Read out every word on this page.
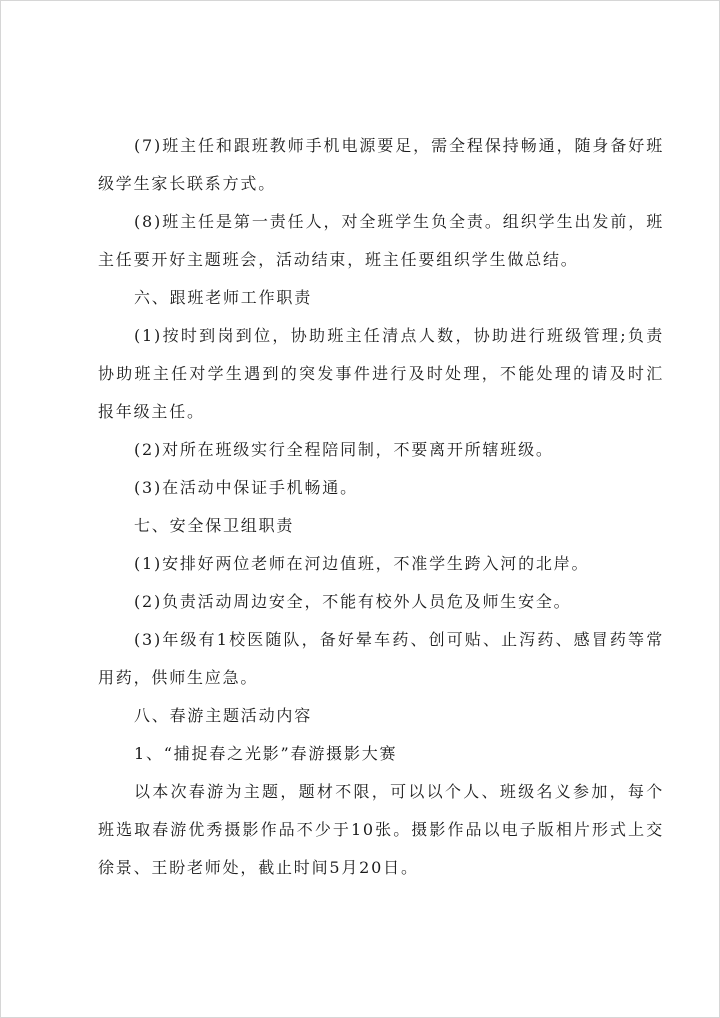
(7)班主任和跟班教师手机电源要足，需全程保持畅通，随身备好班级学生家长联系方式。

(8)班主任是第一责任人，对全班学生负全责。组织学生出发前，班主任要开好主题班会，活动结束，班主任要组织学生做总结。

六、跟班老师工作职责

(1)按时到岗到位，协助班主任清点人数，协助进行班级管理;负责协助班主任对学生遇到的突发事件进行及时处理，不能处理的请及时汇报年级主任。

(2)对所在班级实行全程陪同制，不要离开所辖班级。

(3)在活动中保证手机畅通。

七、安全保卫组职责

(1)安排好两位老师在河边值班，不准学生跨入河的北岸。

(2)负责活动周边安全，不能有校外人员危及师生安全。

(3)年级有1校医随队，备好晕车药、创可贴、止泻药、感冒药等常用药，供师生应急。

八、春游主题活动内容

1、“捕捉春之光影”春游摄影大赛

以本次春游为主题，题材不限，可以以个人、班级名义参加，每个班选取春游优秀摄影作品不少于10张。摄影作品以电子版相片形式上交徐景、王盼老师处，截止时间5月20日。
